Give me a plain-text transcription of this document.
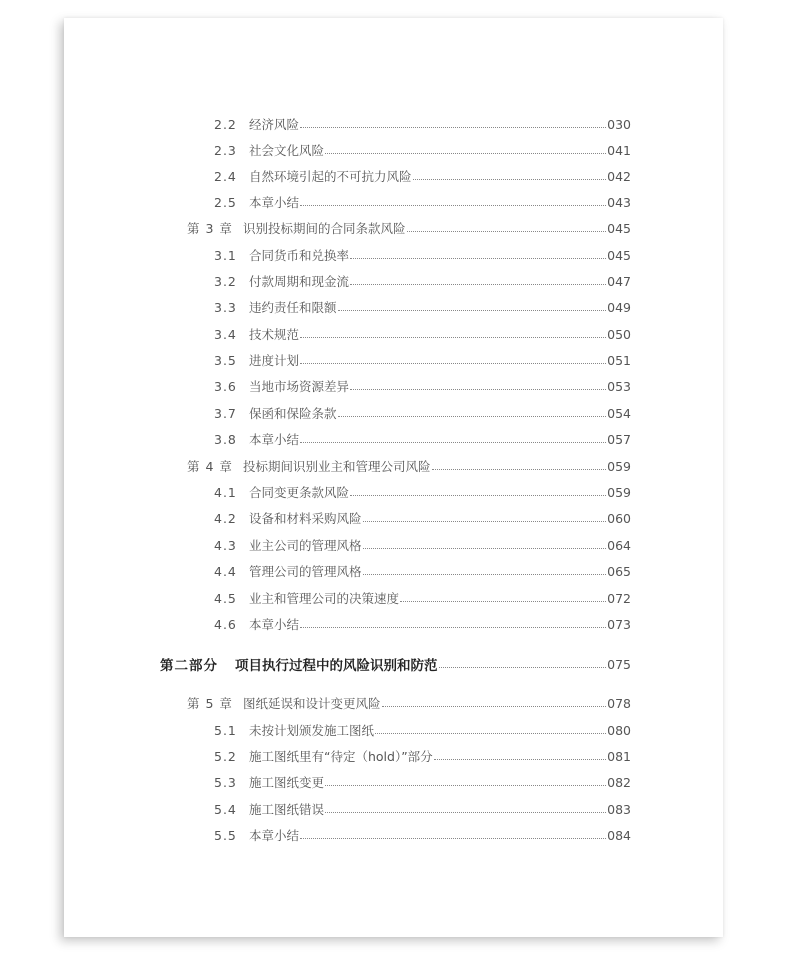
2.2 经济风险	030
2.3 社会文化风险	041
2.4 自然环境引起的不可抗力风险	042
2.5 本章小结	043
第 3 章 识别投标期间的合同条款风险	045
3.1 合同货币和兑换率	045
3.2 付款周期和现金流	047
3.3 违约责任和限额	049
3.4 技术规范	050
3.5 进度计划	051
3.6 当地市场资源差异	053
3.7 保函和保险条款	054
3.8 本章小结	057
第 4 章 投标期间识别业主和管理公司风险	059
4.1 合同变更条款风险	059
4.2 设备和材料采购风险	060
4.3 业主公司的管理风格	064
4.4 管理公司的管理风格	065
4.5 业主和管理公司的决策速度	072
4.6 本章小结	073
第二部分	项目执行过程中的风险识别和防范	075
第 5 章 图纸延误和设计变更风险	078
5.1 未按计划颁发施工图纸	080
5.2 施工图纸里有“待定（hold）”部分	081
5.3 施工图纸变更	082
5.4 施工图纸错误	083
5.5 本章小结	084
